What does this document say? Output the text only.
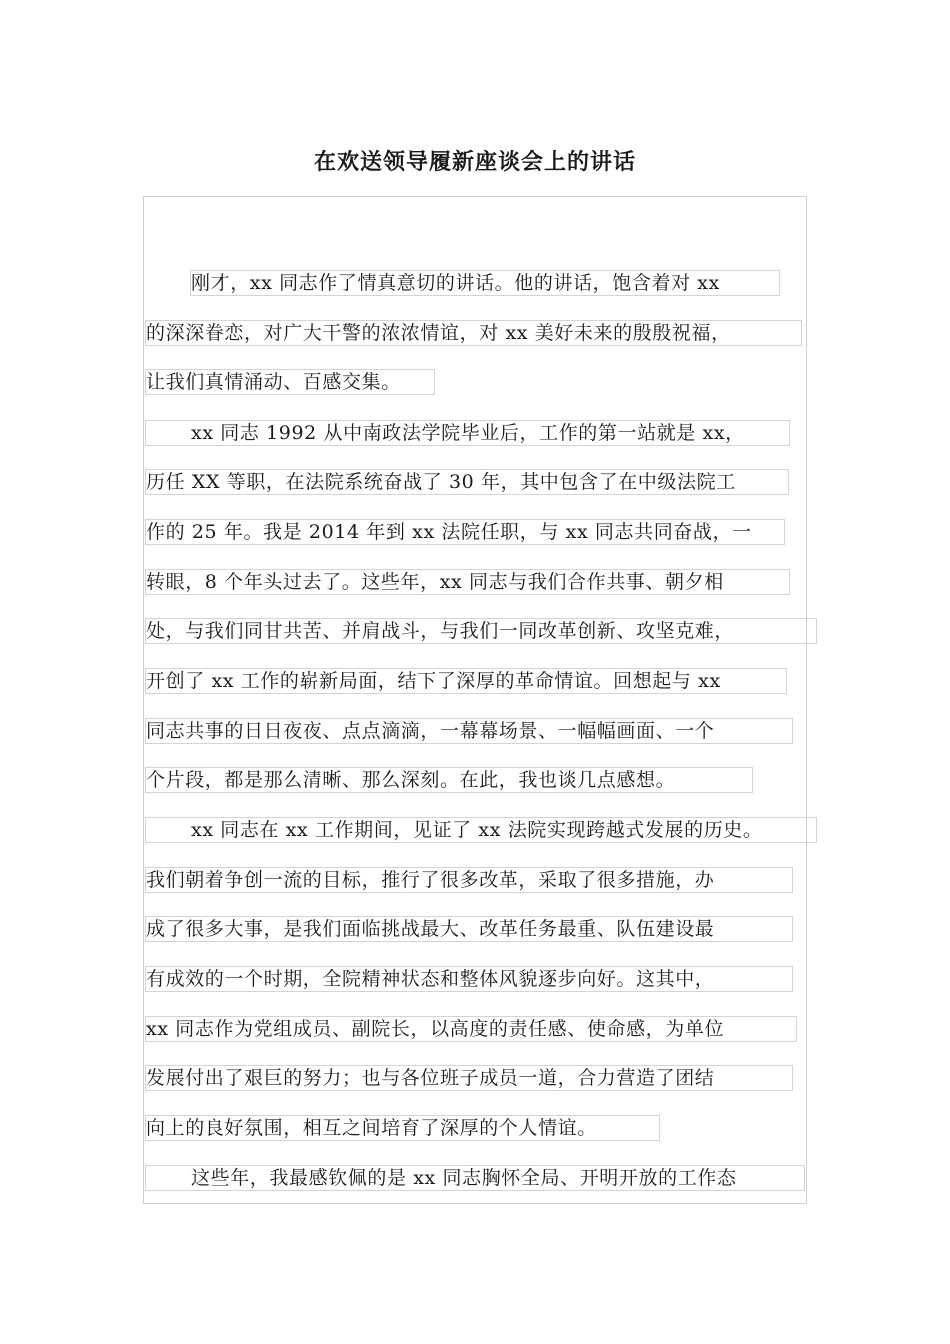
在欢送领导履新座谈会上的讲话
刚才，xx 同志作了情真意切的讲话。他的讲话，饱含着对 xx
的深深眷恋，对广大干警的浓浓情谊，对 xx 美好未来的殷殷祝福，
让我们真情涌动、百感交集。
xx 同志 1992 从中南政法学院毕业后，工作的第一站就是 xx，
历任 XX 等职，在法院系统奋战了 30 年，其中包含了在中级法院工
作的 25 年。我是 2014 年到 xx 法院任职，与 xx 同志共同奋战，一
转眼，8 个年头过去了。这些年，xx 同志与我们合作共事、朝夕相
处，与我们同甘共苦、并肩战斗，与我们一同改革创新、攻坚克难，
开创了 xx 工作的崭新局面，结下了深厚的革命情谊。回想起与 xx
同志共事的日日夜夜、点点滴滴，一幕幕场景、一幅幅画面、一个
个片段，都是那么清晰、那么深刻。在此，我也谈几点感想。
xx 同志在 xx 工作期间，见证了 xx 法院实现跨越式发展的历史。
我们朝着争创一流的目标，推行了很多改革，采取了很多措施，办
成了很多大事，是我们面临挑战最大、改革任务最重、队伍建设最
有成效的一个时期，全院精神状态和整体风貌逐步向好。这其中，
xx 同志作为党组成员、副院长，以高度的责任感、使命感，为单位
发展付出了艰巨的努力；也与各位班子成员一道，合力营造了团结
向上的良好氛围，相互之间培育了深厚的个人情谊。
这些年，我最感钦佩的是 xx 同志胸怀全局、开明开放的工作态
